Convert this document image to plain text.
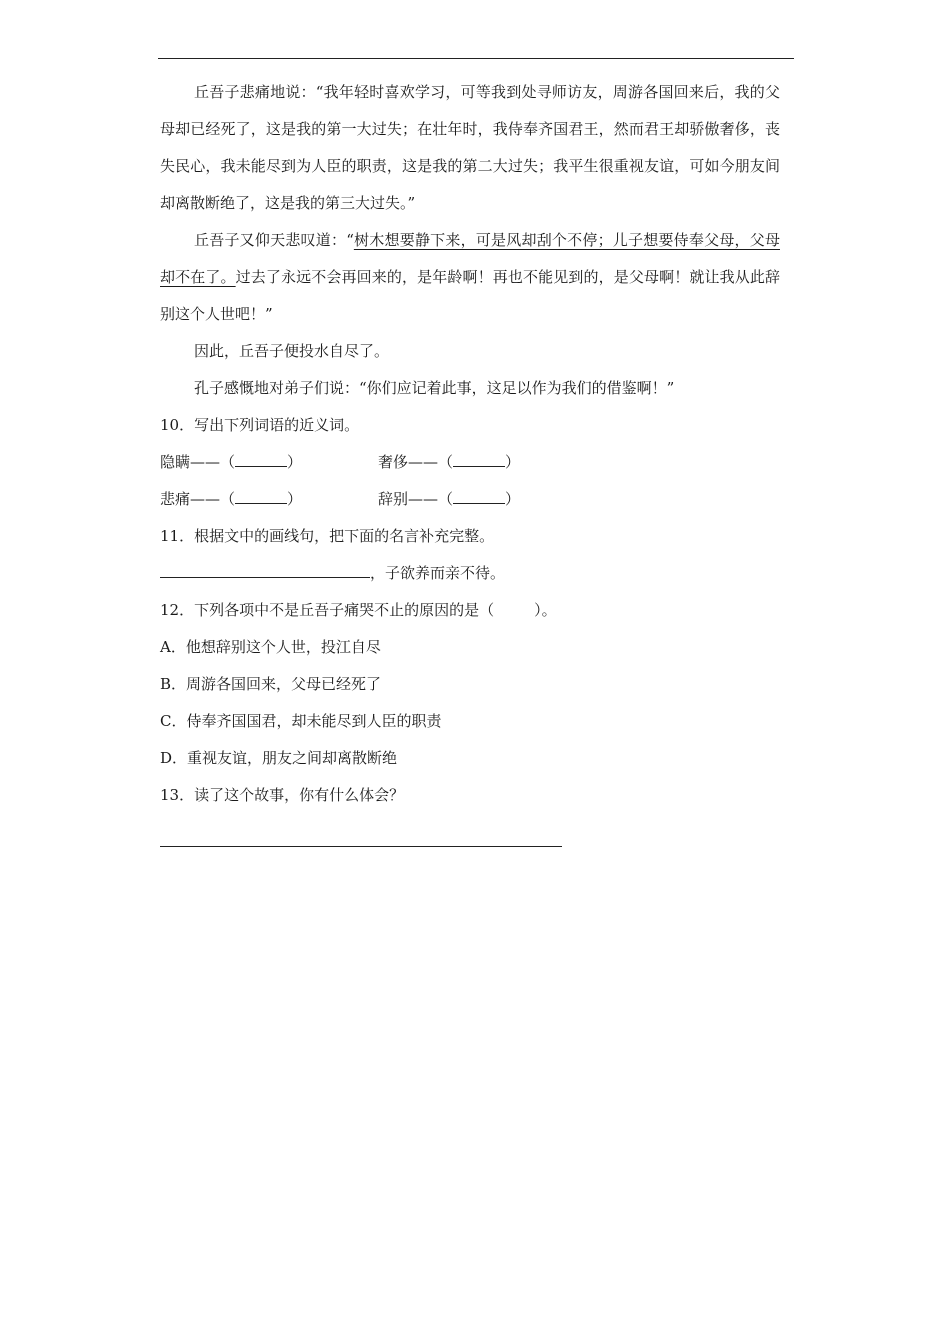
丘吾子悲痛地说：“我年轻时喜欢学习，可等我到处寻师访友，周游各国回来后，我的父母却已经死了，这是我的第一大过失；在壮年时，我侍奉齐国君王，然而君王却骄傲奢侈，丧失民心，我未能尽到为人臣的职责，这是我的第二大过失；我平生很重视友谊，可如今朋友间却离散断绝了，这是我的第三大过失。”
丘吾子又仰天悲叹道：“树木想要静下来，可是风却刮个不停；儿子想要侍奉父母，父母却不在了。过去了永远不会再回来的，是年龄啊！再也不能见到的，是父母啊！就让我从此辞别这个人世吧！”
因此，丘吾子便投水自尽了。
孔子感慨地对弟子们说：“你们应记着此事，这足以作为我们的借鉴啊！”
10．写出下列词语的近义词。
隐瞒——（	）	奢侈——（	）
悲痛——（	）	辞别——（	）
11．根据文中的画线句，把下面的名言补充完整。
，子欲养而亲不待。
12．下列各项中不是丘吾子痛哭不止的原因的是（	）。
A．他想辞别这个人世，投江自尽
B．周游各国回来，父母已经死了
C．侍奉齐国国君，却未能尽到人臣的职责
D．重视友谊，朋友之间却离散断绝
13．读了这个故事，你有什么体会？
